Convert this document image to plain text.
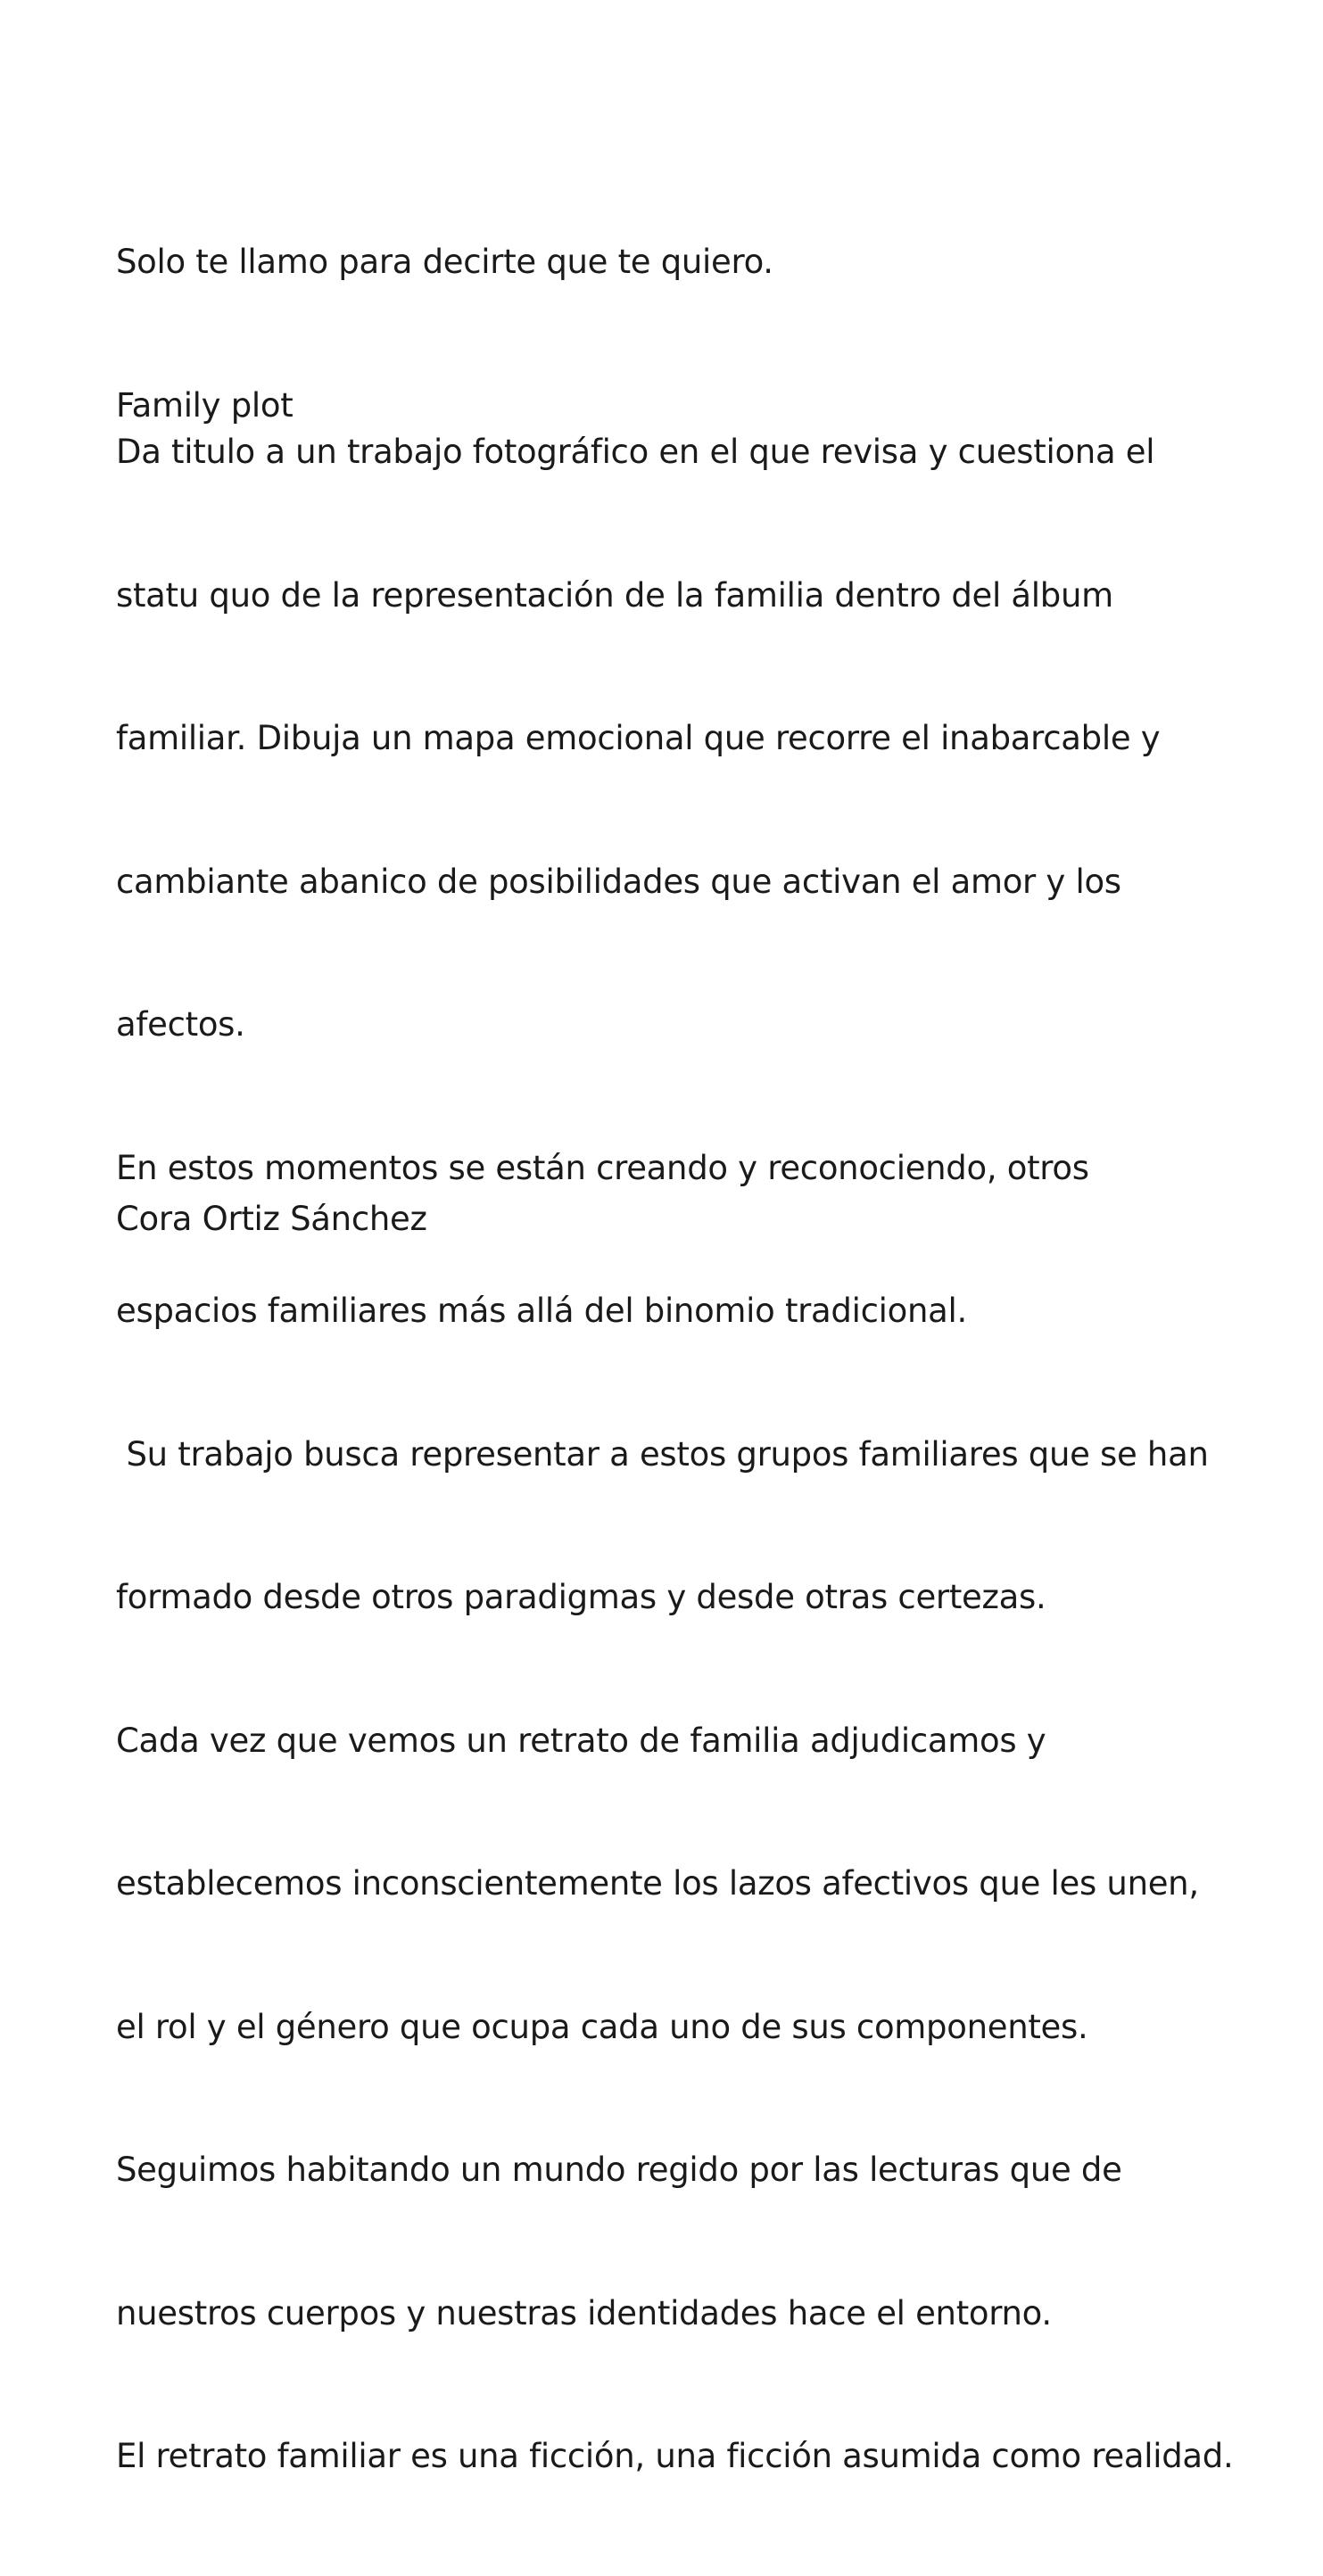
Solo te llamo para decirte que te quiero.

Family plot

Da titulo a un trabajo fotográfico en el que revisa y cuestiona el

statu quo de la representación de la familia dentro del álbum

familiar. Dibuja un mapa emocional que recorre el inabarcable y

cambiante abanico de posibilidades que activan el amor y los

afectos.

En estos momentos se están creando y reconociendo, otros

espacios familiares más allá del binomio tradicional.

Su trabajo busca representar a estos grupos familiares que se han

formado desde otros paradigmas y desde otras certezas.

Cada vez que vemos un retrato de familia adjudicamos y

establecemos inconscientemente los lazos afectivos que les unen,

el rol y el género que ocupa cada uno de sus componentes.

Seguimos habitando un mundo regido por las lecturas que de

nuestros cuerpos y nuestras identidades hace el entorno.

El retrato familiar es una ficción, una ficción asumida como realidad.

Cora Ortiz Sánchez
